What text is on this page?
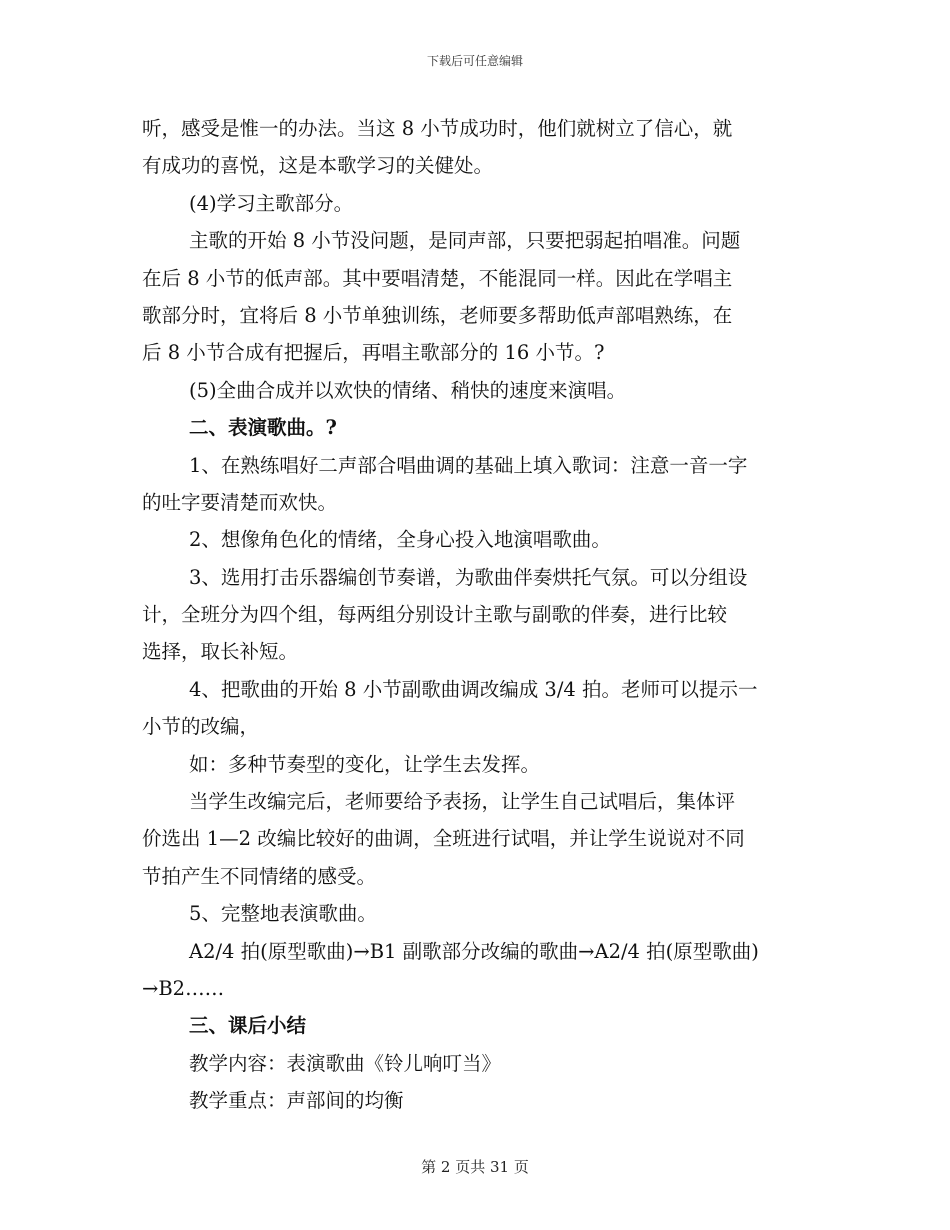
下载后可任意编辑
听，感受是惟一的办法。当这 8 小节成功时，他们就树立了信心，就
有成功的喜悦，这是本歌学习的关健处。
(4)学习主歌部分。
主歌的开始 8 小节没问题，是同声部，只要把弱起拍唱准。问题
在后 8 小节的低声部。其中要唱清楚，不能混同一样。因此在学唱主
歌部分时，宜将后 8 小节单独训练，老师要多帮助低声部唱熟练，在
后 8 小节合成有把握后，再唱主歌部分的 16 小节。?
(5)全曲合成并以欢快的情绪、稍快的速度来演唱。
二、表演歌曲。?
1、在熟练唱好二声部合唱曲调的基础上填入歌词：注意一音一字
的吐字要清楚而欢快。
2、想像角色化的情绪，全身心投入地演唱歌曲。
3、选用打击乐器编创节奏谱，为歌曲伴奏烘托气氛。可以分组设
计，全班分为四个组，每两组分别设计主歌与副歌的伴奏，进行比较
选择，取长补短。
4、把歌曲的开始 8 小节副歌曲调改编成 3/4 拍。老师可以提示一
小节的改编，
如：多种节奏型的变化，让学生去发挥。
当学生改编完后，老师要给予表扬，让学生自己试唱后，集体评
价选出 1—2 改编比较好的曲调，全班进行试唱，并让学生说说对不同
节拍产生不同情绪的感受。
5、完整地表演歌曲。
A2/4 拍(原型歌曲)→B1 副歌部分改编的歌曲→A2/4 拍(原型歌曲)
→B2……
三、课后小结
教学内容：表演歌曲《铃儿响叮当》
教学重点：声部间的均衡
第 2 页共 31 页
